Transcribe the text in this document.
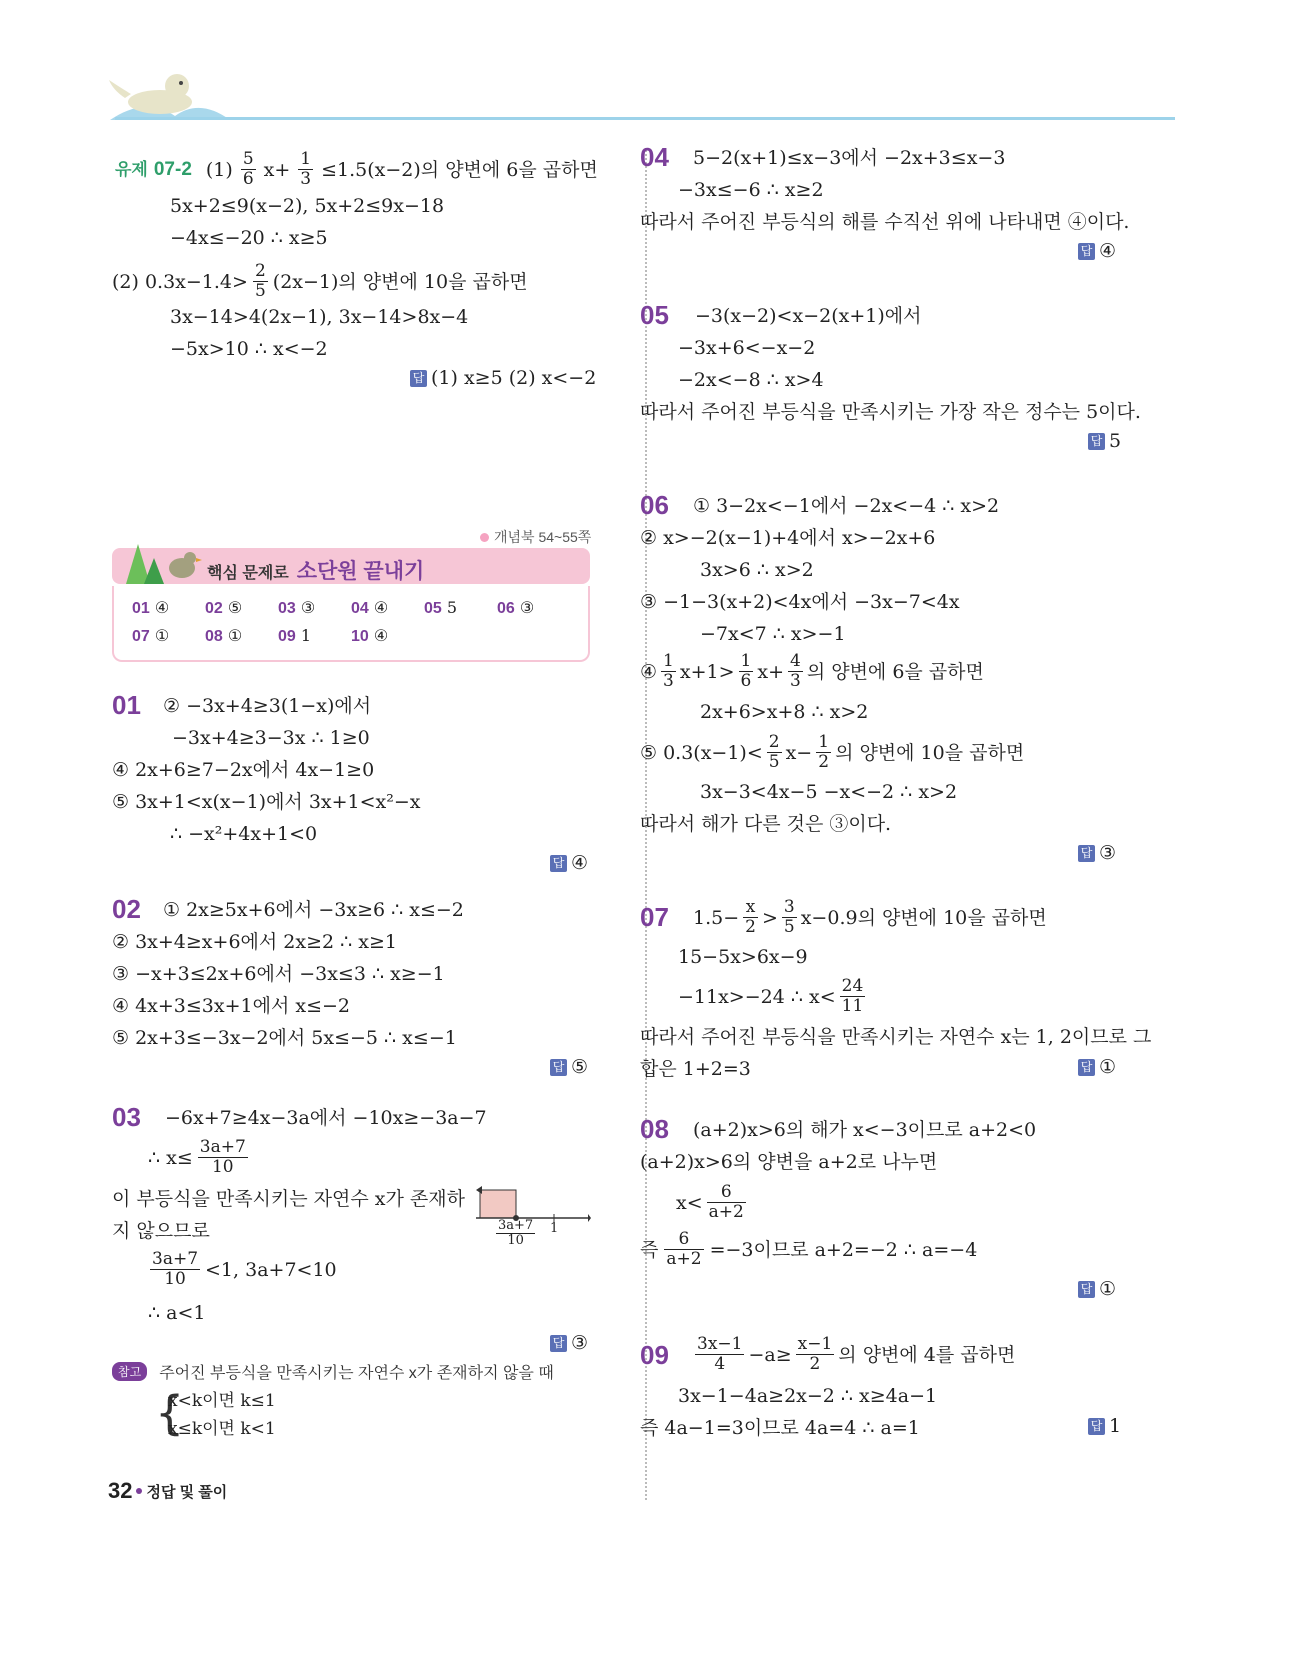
유제 07-2 $(1) \frac{5}{6} x+ \frac{1}{3} \le 1.5(x-2)$의 양변에 6을 곱하면
5x+2≤9(x−2), 5x+2≤9x−18
−4x≤−20 ∴ x≥5
(2) $0.3x-1.4> \frac{2}{5} (2x-1)$의 양변에 10을 곱하면
3x−14>4(2x−1), 3x−14>8x−4
−5x>10 ∴ x<−2
답 (1) x≥5 (2) x<−2
개념북 54~55쪽
핵심 문제로 소단원 끝내기
01 ④	02 ⑤	03 ③	04 ④	05 5	06 ③
07 ①	08 ①	09 1	10 ④
01 ② −3x+4≥3(1−x)에서
−3x+4≥3−3x ∴ 1≥0
④ 2x+6≥7−2x에서 4x−1≥0
⑤ 3x+1<x(x−1)에서 3x+1<x²−x
∴ −x²+4x+1<0
답 ④
02 ① 2x≥5x+6에서 −3x≥6 ∴ x≤−2
② 3x+4≥x+6에서 2x≥2 ∴ x≥1
③ −x+3≤2x+6에서 −3x≤3 ∴ x≥−1
④ 4x+3≤3x+1에서 x≤−2
⑤ 2x+3≤−3x−2에서 5x≤−5 ∴ x≤−1
답 ⑤
03 −6x+7≥4x−3a에서 −10x≥−3a−7
∴ $x\le \frac{3a+7}{10}$
이 부등식을 만족시키는 자연수 x가 존재하
지 않으므로
$\frac{3a+7}{10} <1$, 3a+7<10
∴ a<1
$\frac{3a+7}{10} 1$
답 ③
참고	주어진 부등식을 만족시키는 자연수 x가 존재하지 않을 때
{
x<k이면 k≤1
x≤k이면 k<1
32 정답 및 풀이
04 5−2(x+1)≤x−3에서 −2x+3≤x−3
−3x≤−6 ∴ x≥2
따라서 주어진 부등식의 해를 수직선 위에 나타내면 ④이다.
답 ④
05 −3(x−2)<x−2(x+1)에서
−3x+6<−x−2
−2x<−8 ∴ x>4
따라서 주어진 부등식을 만족시키는 가장 작은 정수는 5이다.
답 5
06 ① 3−2x<−1에서 −2x<−4 ∴ x>2
② x>−2(x−1)+4에서 x>−2x+6
3x>6 ∴ x>2
③ −1−3(x+2)<4x에서 −3x−7<4x
−7x<7 ∴ x>−1
④ $\frac{1}{3} x+1> \frac{1}{6} x+ \frac{4}{3}$ 의 양변에 6을 곱하면
2x+6>x+8 ∴ x>2
⑤ $0.3(x-1)< \frac{2}{5} x- \frac{1}{2}$ 의 양변에 10을 곱하면
3x−3<4x−5 −x<−2 ∴ x>2
따라서 해가 다른 것은 ③이다.
답 ③
07 $1.5- \frac{x}{2} > \frac{3}{5} x-0.9$의 양변에 10을 곱하면
15−5x>6x−9
−11x>−24 ∴ $x< \frac{24}{11}$
따라서 주어진 부등식을 만족시키는 자연수 x는 1, 2이므로 그
합은 1+2=3	답 ①
08 (a+2)x>6의 해가 x<−3이므로 a+2<0
(a+2)x>6의 양변을 a+2로 나누면
$x< \frac{6}{a+2}$
즉 $\frac{6}{a+2} =-3$이므로 a+2=−2 ∴ a=−4
답 ①
$09 \frac{3x-1}{4} -a\ge \frac{x-1}{2}$ 의 양변에 4를 곱하면
3x−1−4a≥2x−2 ∴ x≥4a−1
즉 4a−1=3이므로 4a=4 ∴ a=1	답 1
